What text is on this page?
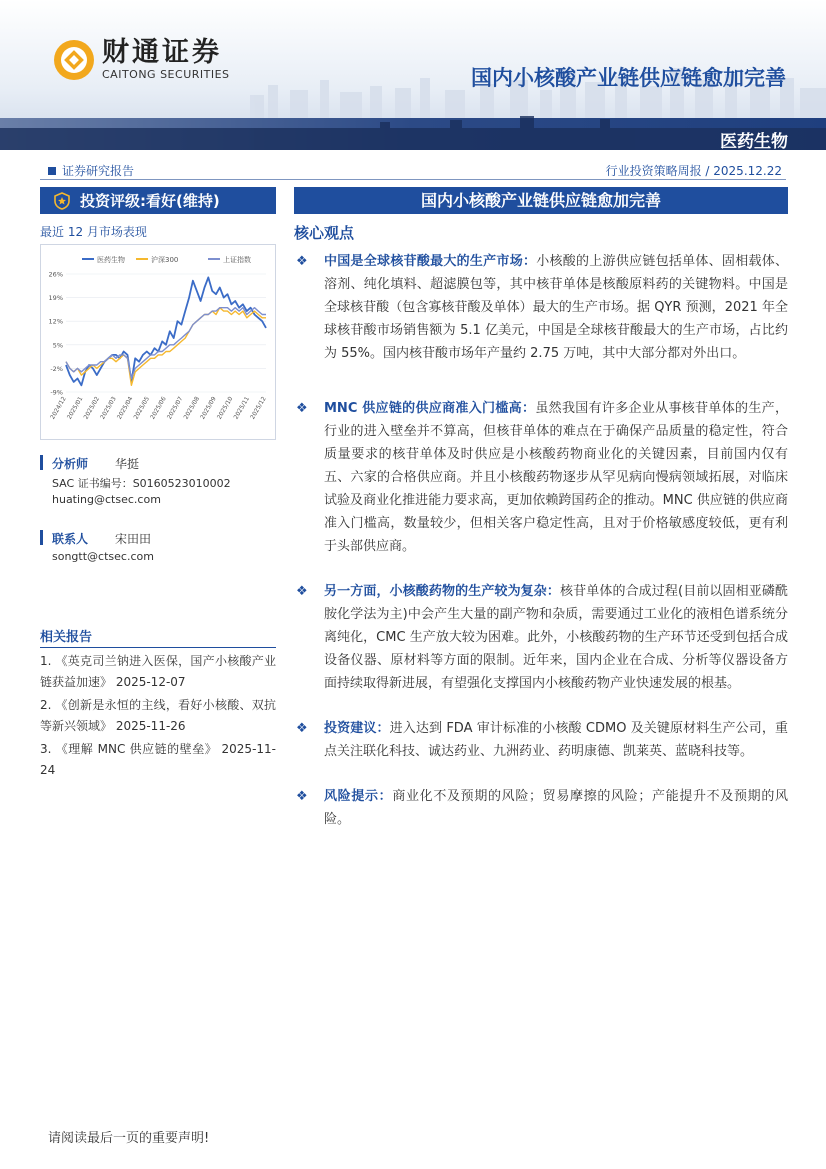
财通证券
CAITONG SECURITIES	国内小核酸产业链供应链愈加完善
医药生物
证券研究报告	行业投资策略周报 / 2025.12.22
投资评级:看好(维持)
最近 12 月市场表现
医药生物	沪深300	上证指数
26%
19%
12%
5%
-2%
-9%
2024/12
2025/01
2025/02
2025/03
2025/04
2025/05
2025/06
2025/07
2025/08
2025/09
2025/10
2025/11
2025/12
分析师 华挺
SAC 证书编号：S0160523010002
huating@ctsec.com
联系人 宋田田
songtt@ctsec.com
相关报告
1. 《英克司兰钠进入医保，国产小核酸产业链获益加速》 2025-12-07
2. 《创新是永恒的主线，看好小核酸、双抗等新兴领域》 2025-11-26
3. 《理解 MNC 供应链的壁垒》 2025-11-24
国内小核酸产业链供应链愈加完善
核心观点
❖ 中国是全球核苷酸最大的生产市场：小核酸的上游供应链包括单体、固相载体、溶剂、纯化填料、超滤膜包等，其中核苷单体是核酸原料药的关键物料。中国是全球核苷酸（包含寡核苷酸及单体）最大的生产市场。据 QYR 预测，2021 年全球核苷酸市场销售额为 5.1 亿美元，中国是全球核苷酸最大的生产市场，占比约为 55%。国内核苷酸市场年产量约 2.75 万吨，其中大部分都对外出口。
❖ MNC 供应链的供应商准入门槛高：虽然我国有许多企业从事核苷单体的生产，行业的进入壁垒并不算高，但核苷单体的难点在于确保产品质量的稳定性，符合质量要求的核苷单体及时供应是小核酸药物商业化的关键因素，目前国内仅有五、六家的合格供应商。并且小核酸药物逐步从罕见病向慢病领域拓展，对临床试验及商业化推进能力要求高，更加依赖跨国药企的推动。MNC 供应链的供应商准入门槛高，数量较少，但相关客户稳定性高，且对于价格敏感度较低，更有利于头部供应商。
❖ 另一方面，小核酸药物的生产较为复杂：核苷单体的合成过程(目前以固相亚磷酰胺化学法为主)中会产生大量的副产物和杂质，需要通过工业化的液相色谱系统分离纯化，CMC 生产放大较为困难。此外，小核酸药物的生产环节还受到包括合成设备仪器、原材料等方面的限制。近年来，国内企业在合成、分析等仪器设备方面持续取得新进展，有望强化支撑国内小核酸药物产业快速发展的根基。
❖ 投资建议：进入达到 FDA 审计标准的小核酸 CDMO 及关键原材料生产公司，重点关注联化科技、诚达药业、九洲药业、药明康德、凯莱英、蓝晓科技等。
❖ 风险提示：商业化不及预期的风险；贸易摩擦的风险；产能提升不及预期的风险。
请阅读最后一页的重要声明!
